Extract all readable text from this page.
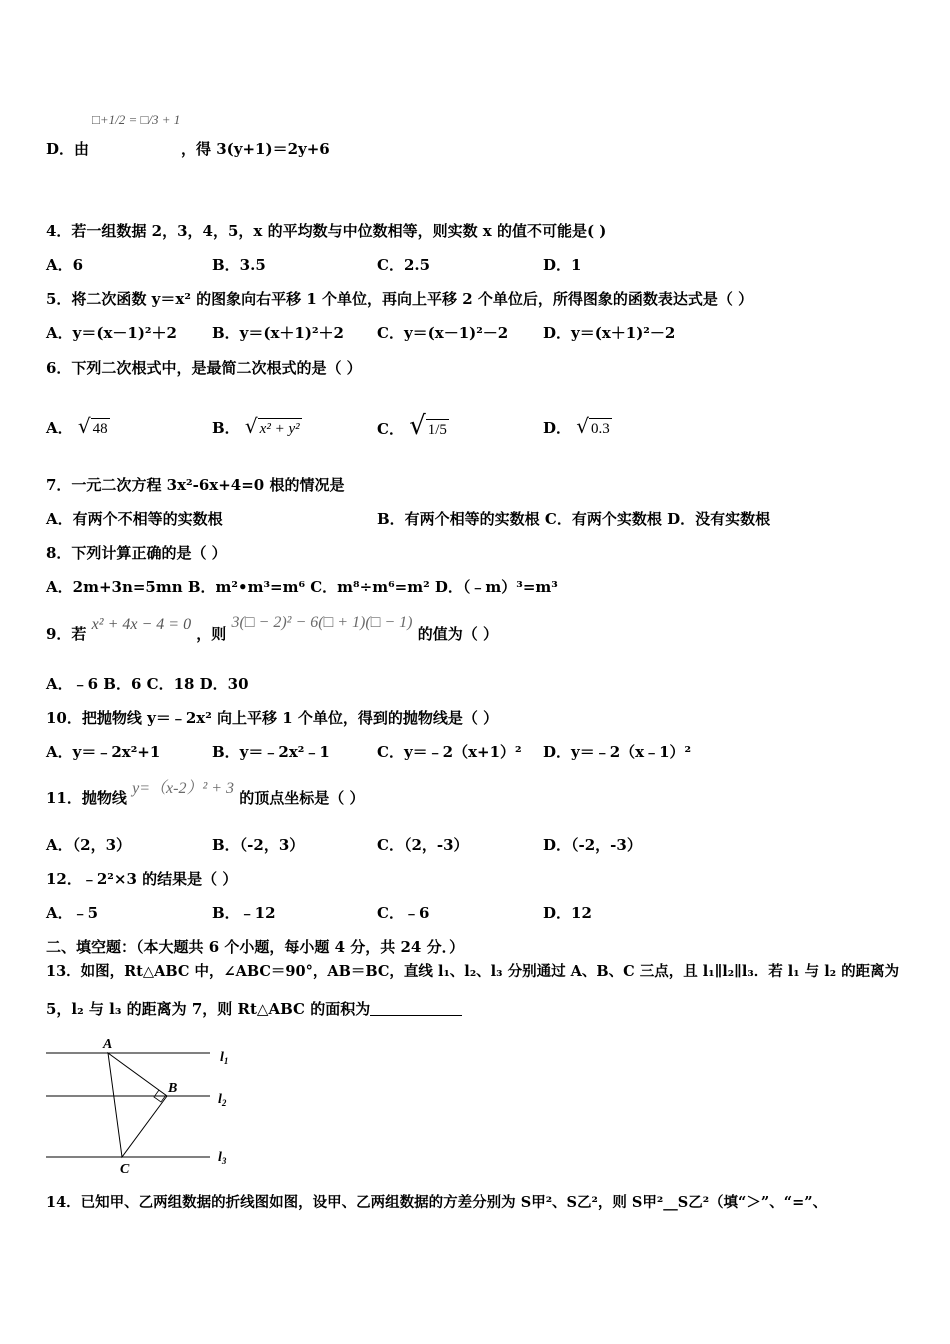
□+1/2 = □/3 + 1
D．由	，得 3(y+1)＝2y+6
4．若一组数据 2，3，4，5，x 的平均数与中位数相等，则实数 x 的值不可能是( )
A．6	B．3.5	C．2.5	D．1
5．将二次函数 y＝x² 的图象向右平移 1 个单位，再向上平移 2 个单位后，所得图象的函数表达式是（ ）
A．y＝(x－1)²＋2 B．y＝(x＋1)²＋2 C．y＝(x－1)²－2 D．y＝(x＋1)²－2
6．下列二次根式中，是最简二次根式的是（ ）
A． √ 48	B． √ x² + y²	C． √ 1/5	D． √ 0.3
7．一元二次方程 3x²-6x+4=0 根的情况是
A．有两个不相等的实数根	B．有两个相等的实数根 C．有两个实数根 D．没有实数根
8．下列计算正确的是（ ）
A．2m+3n=5mn B．m²•m³=m⁶ C．m⁸÷m⁶=m² D．（﹣m）³=m³
9．若 x² + 4x − 4 = 0 ，则 3(□ − 2)² − 6(□ + 1)(□ − 1) 的值为（ ）
A．﹣6 B．6 C．18 D．30
10．把抛物线 y＝﹣2x² 向上平移 1 个单位，得到的抛物线是（ ）
A．y＝﹣2x²+1	B．y＝﹣2x²﹣1	C．y＝﹣2（x+1）² D．y＝﹣2（x﹣1）²
11．抛物线 y=（x-2）² + 3 的顶点坐标是（ ）
A．（2，3）	B．（-2，3）	C．（2，-3）	D．（-2，-3）
12．﹣2²×3 的结果是（ ）
A．﹣5	B．﹣12	C．﹣6	D．12
二、填空题：（本大题共 6 个小题，每小题 4 分，共 24 分．）
13．如图，Rt△ABC 中，∠ABC＝90°，AB＝BC，直线 l₁、l₂、l₃ 分别通过 A、B、C 三点，且 l₁∥l₂∥l₃．若 l₁ 与 l₂ 的距离为
5，l₂ 与 l₃ 的距离为 7，则 Rt△ABC 的面积为
A
B
C
$l_1$
$l_2$
$l_3$
14．已知甲、乙两组数据的折线图如图，设甲、乙两组数据的方差分别为 S甲²、S乙²，则 S甲²__S乙²（填“＞”、“=”、
